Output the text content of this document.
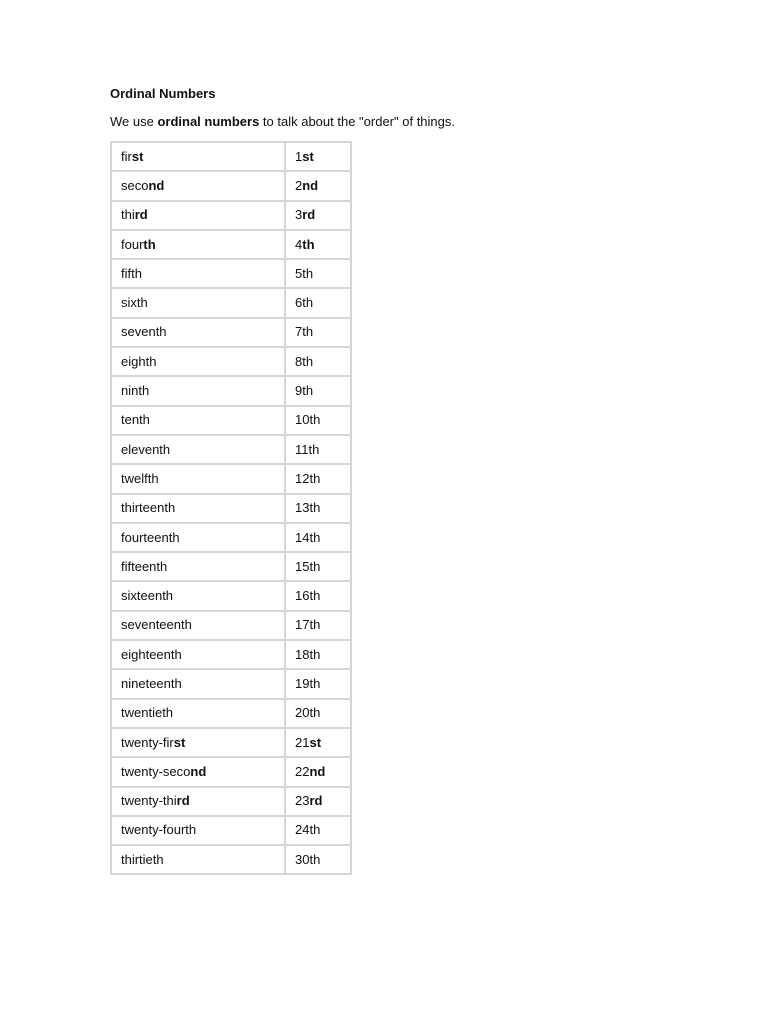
Ordinal Numbers

We use ordinal numbers to talk about the "order" of things.

first	1st
second	2nd
third	3rd
fourth	4th
fifth	5th
sixth	6th
seventh	7th
eighth	8th
ninth	9th
tenth	10th
eleventh	11th
twelfth	12th
thirteenth	13th
fourteenth	14th
fifteenth	15th
sixteenth	16th
seventeenth	17th
eighteenth	18th
nineteenth	19th
twentieth	20th
twenty-first	21st
twenty-second	22nd
twenty-third	23rd
twenty-fourth	24th
thirtieth	30th
